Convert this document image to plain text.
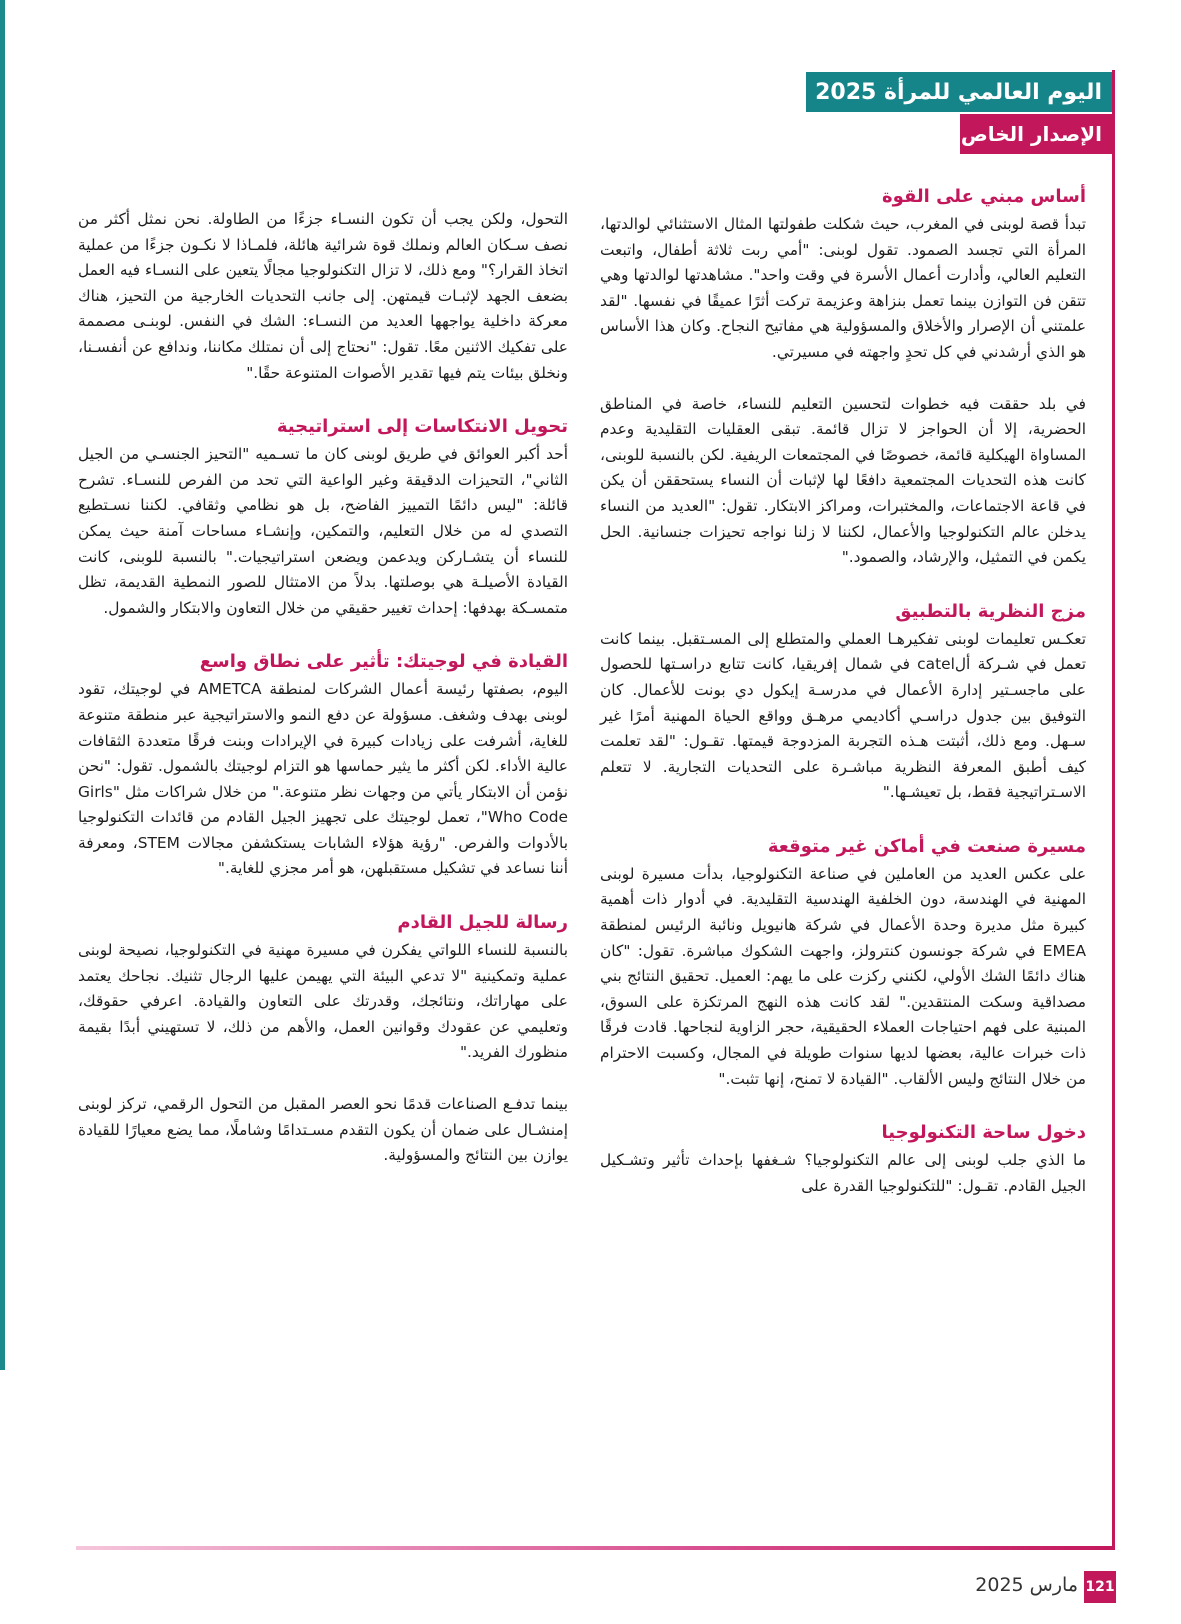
اليوم العالمي للمرأة 2025
الإصدار الخاص
أساس مبني على القوة

تبدأ قصة لوبنى في المغرب، حيث شكلت طفولتها المثال الاستثنائي لوالدتها، المرأة التي تجسد الصمود. تقول لوبنى: "أمي ربت ثلاثة أطفال، واتبعت التعليم العالي، وأدارت أعمال الأسرة في وقت واحد". مشاهدتها لوالدتها وهي تتقن فن التوازن بينما تعمل بنزاهة وعزيمة تركت أثرًا عميقًا في نفسها. "لقد علمتني أن الإصرار والأخلاق والمسؤولية هي مفاتيح النجاح. وكان هذا الأساس هو الذي أرشدني في كل تحدٍ واجهته في مسيرتي.

في بلد حققت فيه خطوات لتحسين التعليم للنساء، خاصة في المناطق الحضرية، إلا أن الحواجز لا تزال قائمة. تبقى العقليات التقليدية وعدم المساواة الهيكلية قائمة، خصوصًا في المجتمعات الريفية. لكن بالنسبة للوبنى، كانت هذه التحديات المجتمعية دافعًا لها لإثبات أن النساء يستحققن أن يكن في قاعة الاجتماعات، والمختبرات، ومراكز الابتكار. تقول: "العديد من النساء يدخلن عالم التكنولوجيا والأعمال، لكننا لا زلنا نواجه تحيزات جنسانية. الحل يكمن في التمثيل، والإرشاد، والصمود."

مزج النظرية بالتطبيق

تعكـس تعليمات لوبنى تفكيرهـا العملي والمتطلع إلى المسـتقبل. بينما كانت تعمل في شـركة ألcatel في شمال إفريقيا، كانت تتابع دراسـتها للحصول على ماجسـتير إدارة الأعمال في مدرسـة إيكول دي بونت للأعمال. كان التوفيق بين جدول دراسـي أكاديمي مرهـق وواقع الحياة المهنية أمرًا غير سـهل. ومع ذلك، أثبتت هـذه التجربة المزدوجة قيمتها. تقـول: "لقد تعلمت كيف أطبق المعرفة النظرية مباشـرة على التحديات التجارية. لا تتعلم الاسـتراتيجية فقط، بل تعيشـها."

مسيرة صنعت في أماكن غير متوقعة

على عكس العديد من العاملين في صناعة التكنولوجيا، بدأت مسيرة لوبنى المهنية في الهندسة، دون الخلفية الهندسية التقليدية. في أدوار ذات أهمية كبيرة مثل مديرة وحدة الأعمال في شركة هانيويل ونائبة الرئيس لمنطقة EMEA في شركة جونسون كنترولز، واجهت الشكوك مباشرة. تقول: "كان هناك دائمًا الشك الأولي، لكنني ركزت على ما يهم: العميل. تحقيق النتائج بني مصداقية وسكت المنتقدين." لقد كانت هذه النهج المرتكزة على السوق، المبنية على فهم احتياجات العملاء الحقيقية، حجر الزاوية لنجاحها. قادت فرقًا ذات خبرات عالية، بعضها لديها سنوات طويلة في المجال، وكسبت الاحترام من خلال النتائج وليس الألقاب. "القيادة لا تمنح، إنها تثبت."

دخول ساحة التكنولوجيا

ما الذي جلب لوبنى إلى عالم التكنولوجيا؟ شـغفها بإحداث تأثير وتشـكيل الجيل القادم. تقـول: "للتكنولوجيا القدرة على

التحول، ولكن يجب أن تكون النسـاء جزءًا من الطاولة. نحن نمثل أكثر من نصف سـكان العالم ونملك قوة شرائية هائلة، فلمـاذا لا نكـون جزءًا من عملية اتخاذ القرار؟" ومع ذلك، لا تزال التكنولوجيا مجالًا يتعين على النسـاء فيه العمل بضعف الجهد لإثبـات قيمتهن. إلى جانب التحديات الخارجية من التحيز، هناك معركة داخلية يواجهها العديد من النسـاء: الشك في النفس. لوبنـى مصممة على تفكيك الاثنين معًا. تقول: "نحتاج إلى أن نمتلك مكاننا، وندافع عن أنفسـنا، ونخلق بيئات يتم فيها تقدير الأصوات المتنوعة حقًا."

تحويل الانتكاسات إلى استراتيجية

أحد أكبر العوائق في طريق لوبنى كان ما تسـميه "التحيز الجنسـي من الجيل الثاني"، التحيزات الدقيقة وغير الواعية التي تحد من الفرص للنسـاء. تشرح قائلة: "ليس دائمًا التمييز الفاضح، بل هو نظامي وثقافي. لكننا نسـتطيع التصدي له من خلال التعليم، والتمكين، وإنشـاء مساحات آمنة حيث يمكن للنساء أن يتشـاركن ويدعمن ويضعن استراتيجيات." بالنسبة للوبنى، كانت القيادة الأصيلـة هي بوصلتها. بدلاً من الامتثال للصور النمطية القديمة، تظل متمسـكة بهدفها: إحداث تغيير حقيقي من خلال التعاون والابتكار والشمول.

القيادة في لوجيتك: تأثير على نطاق واسع

اليوم، بصفتها رئيسة أعمال الشركات لمنطقة AMETCA في لوجيتك، تقود لوبنى بهدف وشغف. مسؤولة عن دفع النمو والاستراتيجية عبر منطقة متنوعة للغاية، أشرفت على زيادات كبيرة في الإيرادات وبنت فرقًا متعددة الثقافات عالية الأداء. لكن أكثر ما يثير حماسها هو التزام لوجيتك بالشمول. تقول: "نحن نؤمن أن الابتكار يأتي من وجهات نظر متنوعة." من خلال شراكات مثل "Girls Who Code"، تعمل لوجيتك على تجهيز الجيل القادم من قائدات التكنولوجيا بالأدوات والفرص. "رؤية هؤلاء الشابات يستكشفن مجالات STEM، ومعرفة أننا نساعد في تشكيل مستقبلهن، هو أمر مجزي للغاية."

رسالة للجيل القادم

بالنسبة للنساء اللواتي يفكرن في مسيرة مهنية في التكنولوجيا، نصيحة لوبنى عملية وتمكينية "لا تدعي البيئة التي يهيمن عليها الرجال تثنيك. نجاحك يعتمد على مهاراتك، ونتائجك، وقدرتك على التعاون والقيادة. اعرفي حقوقك، وتعليمي عن عقودك وقوانين العمل، والأهم من ذلك، لا تستهيني أبدًا بقيمة منظورك الفريد."

بينما تدفـع الصناعات قدمًا نحو العصر المقبل من التحول الرقمي، تركز لوبنى إمنشـال على ضمان أن يكون التقدم مسـتدامًا وشاملًا، مما يضع معيارًا للقيادة يوازن بين النتائج والمسؤولية.

121
مارس 2025
